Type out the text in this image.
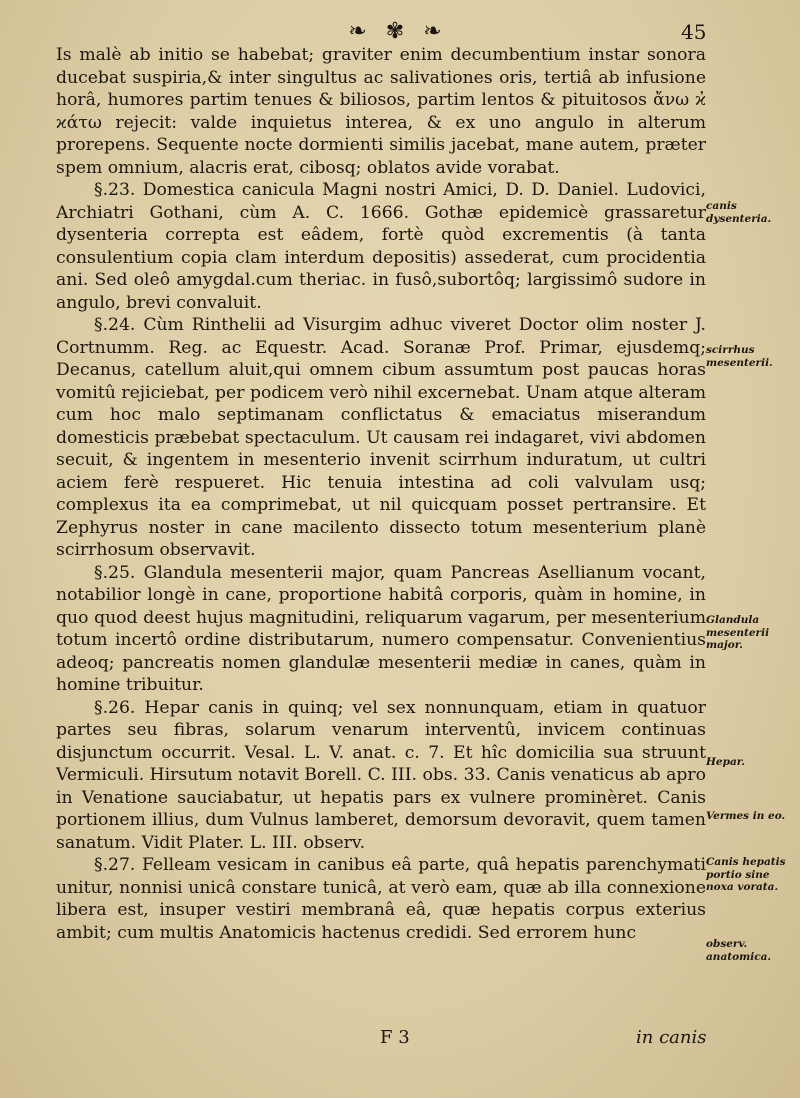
❧ ✾ ❧	45

Is malè ab initio se habebat; graviter enim decumbentium instar sonora ducebat suspiria,& inter singultus ac salivationes oris, tertiâ ab infusione horâ, humores partim tenues & biliosos, partim lentos & pituitosos ἄνω ϰ̓ ϰάτω rejecit: valde inquietus interea, & ex uno angulo in alterum prorepens. Sequente nocte dormienti similis jacebat, mane autem, præter spem omnium, alacris erat, cibosq; oblatos avide vorabat.

§.23. Domestica canicula Magni nostri Amici, D. D. Daniel. Ludovici, Archiatri Gothani, cùm A. C. 1666. Gothæ epidemicè grassaretur dysenteria correpta est eâdem, fortè quòd excrementis (à tanta consulentium copia clam interdum depositis) assederat, cum procidentia ani. Sed oleô amygdal.cum theriac. in fusô,subortôq; largissimô sudore in angulo, brevi convaluit.

§.24. Cùm Rinthelii ad Visurgim adhuc viveret Doctor olim noster J. Cortnumm. Reg. ac Equestr. Acad. Soranæ Prof. Primar, ejusdemq; Decanus, catellum aluit,qui omnem cibum assumtum post paucas horas vomitû rejiciebat, per podicem verò nihil excernebat. Unam atque alteram cum hoc malo septimanam conflictatus & emaciatus miserandum domesticis præbebat spectaculum. Ut causam rei indagaret, vivi abdomen secuit, & ingentem in mesenterio invenit scirrhum induratum, ut cultri aciem ferè respueret. Hic tenuia intestina ad coli valvulam usq; complexus ita ea comprimebat, ut nil quicquam posset pertransire. Et Zephyrus noster in cane macilento dissecto totum mesenterium planè scirrhosum observavit.

§.25. Glandula mesenterii major, quam Pancreas Asellianum vocant, notabilior longè in cane, proportione habitâ corporis, quàm in homine, in quo quod deest hujus magnitudini, reliquarum vagarum, per mesenterium totum incertô ordine distributarum, numero compensatur. Convenientius adeoq; pancreatis nomen glandulæ mesenterii mediæ in canes, quàm in homine tribuitur.

§.26. Hepar canis in quinq; vel sex nonnunquam, etiam in quatuor partes seu fibras, solarum venarum interventû, invicem continuas disjunctum occurrit. Vesal. L. V. anat. c. 7. Et hîc domicilia sua struunt Vermiculi. Hirsutum notavit Borell. C. III. obs. 33. Canis venaticus ab apro in Venatione sauciabatur, ut hepatis pars ex vulnere prominèret. Canis portionem illius, dum Vulnus lamberet, demorsum devoravit, quem tamen sanatum. Vidit Plater. L. III. observ.

§.27. Felleam vesicam in canibus eâ parte, quâ hepatis parenchymati unitur, nonnisi unicâ constare tunicâ, at verò eam, quæ ab illa connexione libera est, insuper vestiri membranâ eâ, quæ hepatis corpus exterius ambit; cum multis Anatomicis hactenus credidi. Sed errorem hunc

canis dysenteria.
scirrhus mesenterii.
Glandula mesenterii major.
Hepar.
Vermes in eo.
Canis hepatis portio sine noxa vorata.
observ. anatomica.
F 3	in canis
